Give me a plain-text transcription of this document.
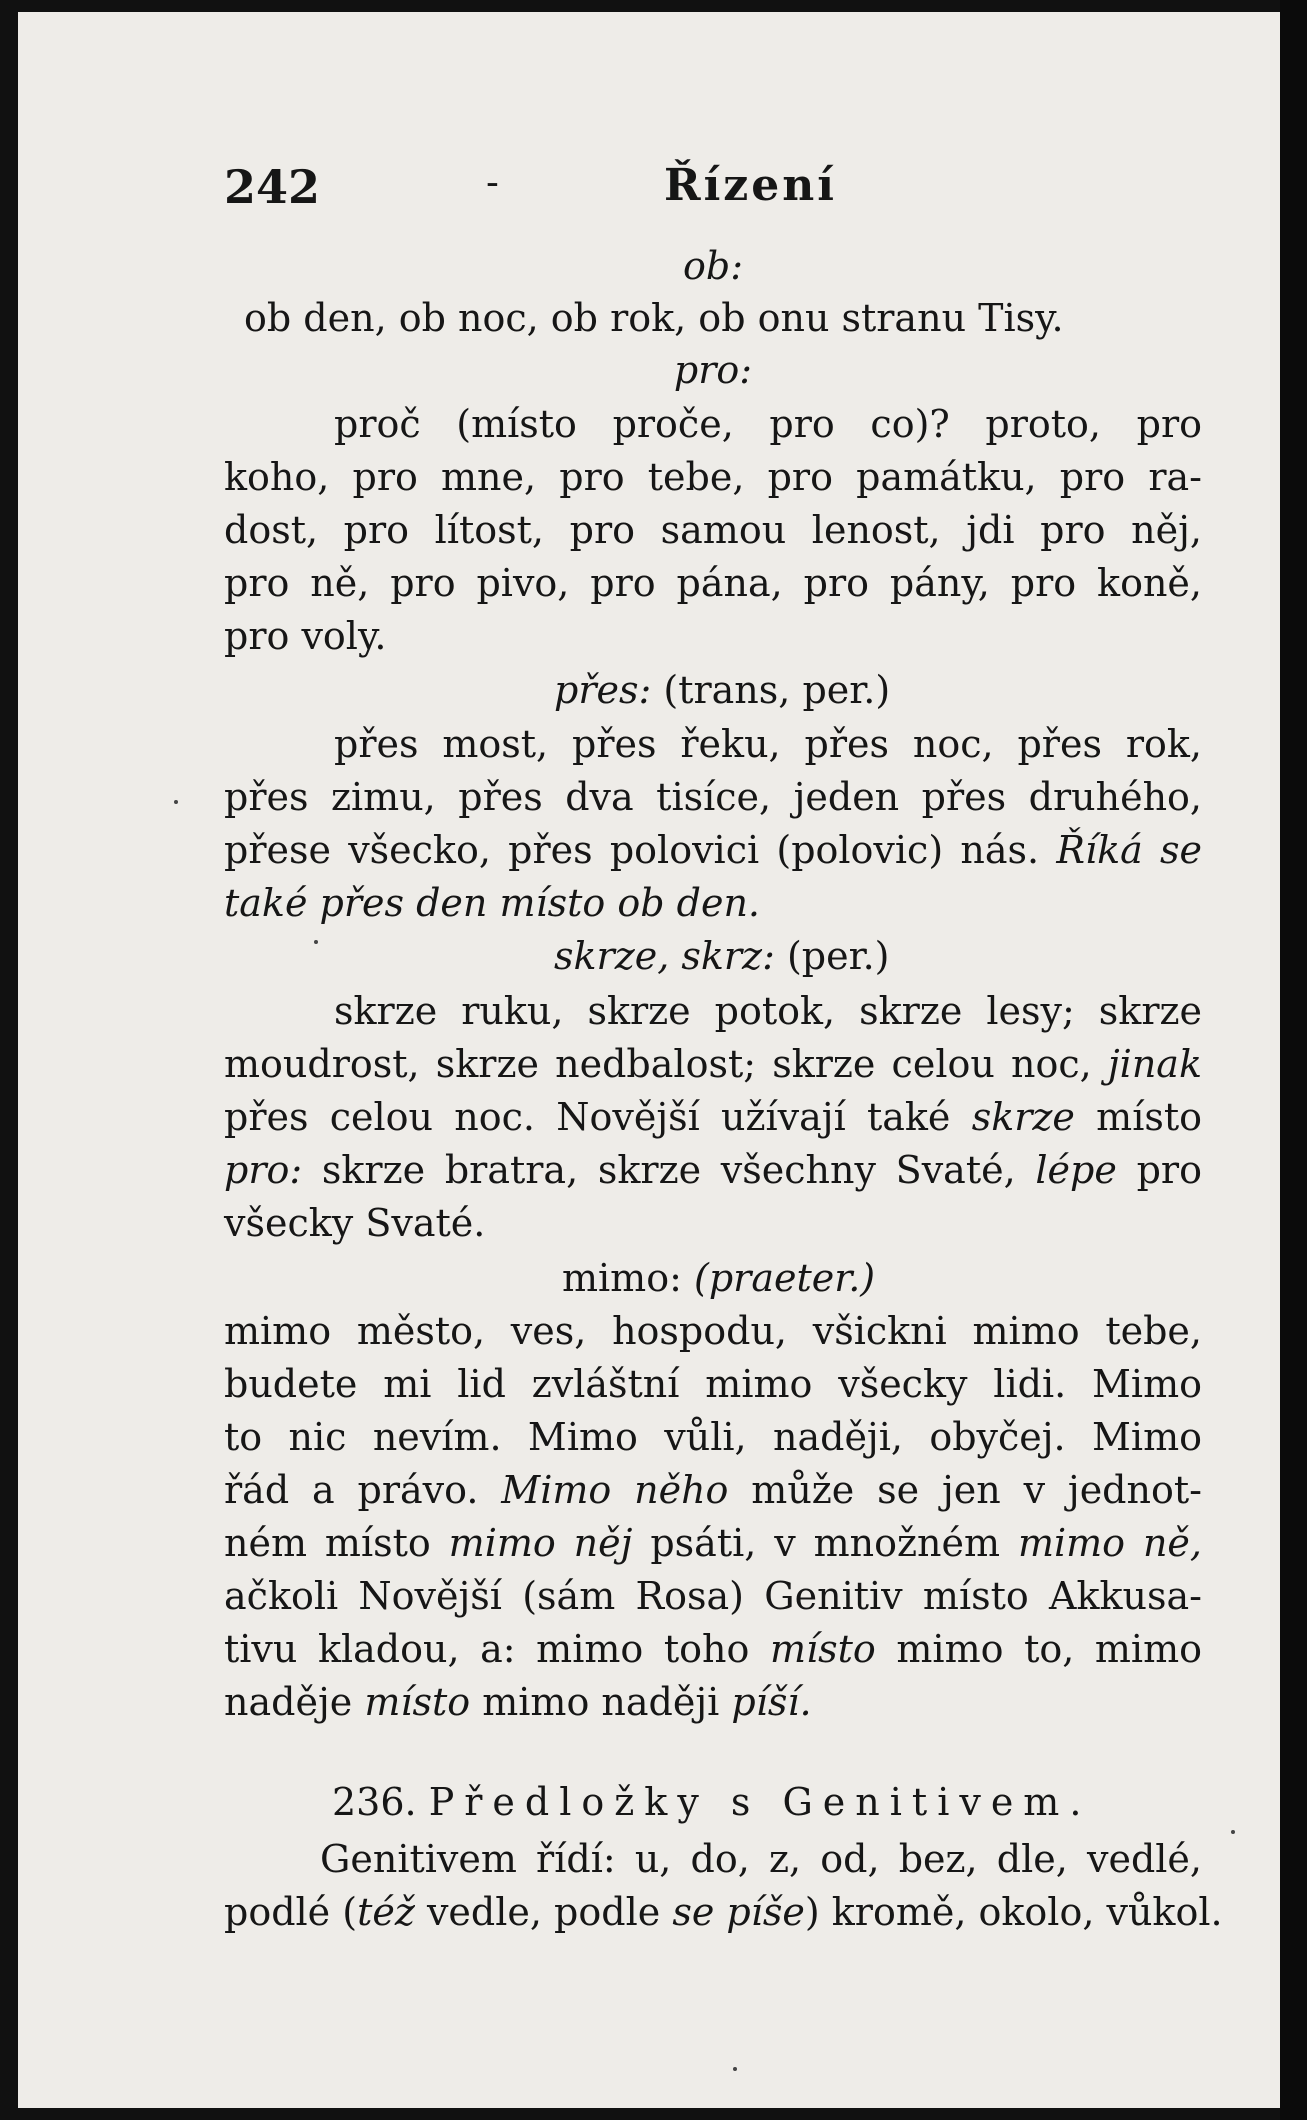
242	-	Řízení
ob:
ob den, ob noc, ob rok, ob onu stranu Tisy.
pro:
proč (místo proče, pro co)? proto, pro
koho, pro mne, pro tebe, pro památku, pro ra-
dost, pro lítost, pro samou lenost, jdi pro něj,
pro ně, pro pivo, pro pána, pro pány, pro koně,
pro voly.
přes: (trans, per.)
přes most, přes řeku, přes noc, přes rok,
přes zimu, přes dva tisíce, jeden přes druhého,
přese všecko, přes polovici (polovic) nás. Říká se
také přes den místo ob den.
skrze, skrz: (per.)
skrze ruku, skrze potok, skrze lesy; skrze
moudrost, skrze nedbalost; skrze celou noc, jinak
přes celou noc. Novější užívají také skrze místo
pro: skrze bratra, skrze všechny Svaté, lépe pro
všecky Svaté.
mimo: (praeter.)
mimo město, ves, hospodu, všickni mimo tebe,
budete mi lid zvláštní mimo všecky lidi. Mimo
to nic nevím. Mimo vůli, naději, obyčej. Mimo
řád a právo. Mimo něho může se jen v jednot-
ném místo mimo něj psáti, v množném mimo ně,
ačkoli Novější (sám Rosa) Genitiv místo Akkusa-
tivu kladou, a: mimo toho místo mimo to, mimo
naděje místo mimo naději píší.
236. Předložky s Genitivem.
Genitivem řídí: u, do, z, od, bez, dle, vedlé,
podlé (též vedle, podle se píše) kromě, okolo, vůkol.
